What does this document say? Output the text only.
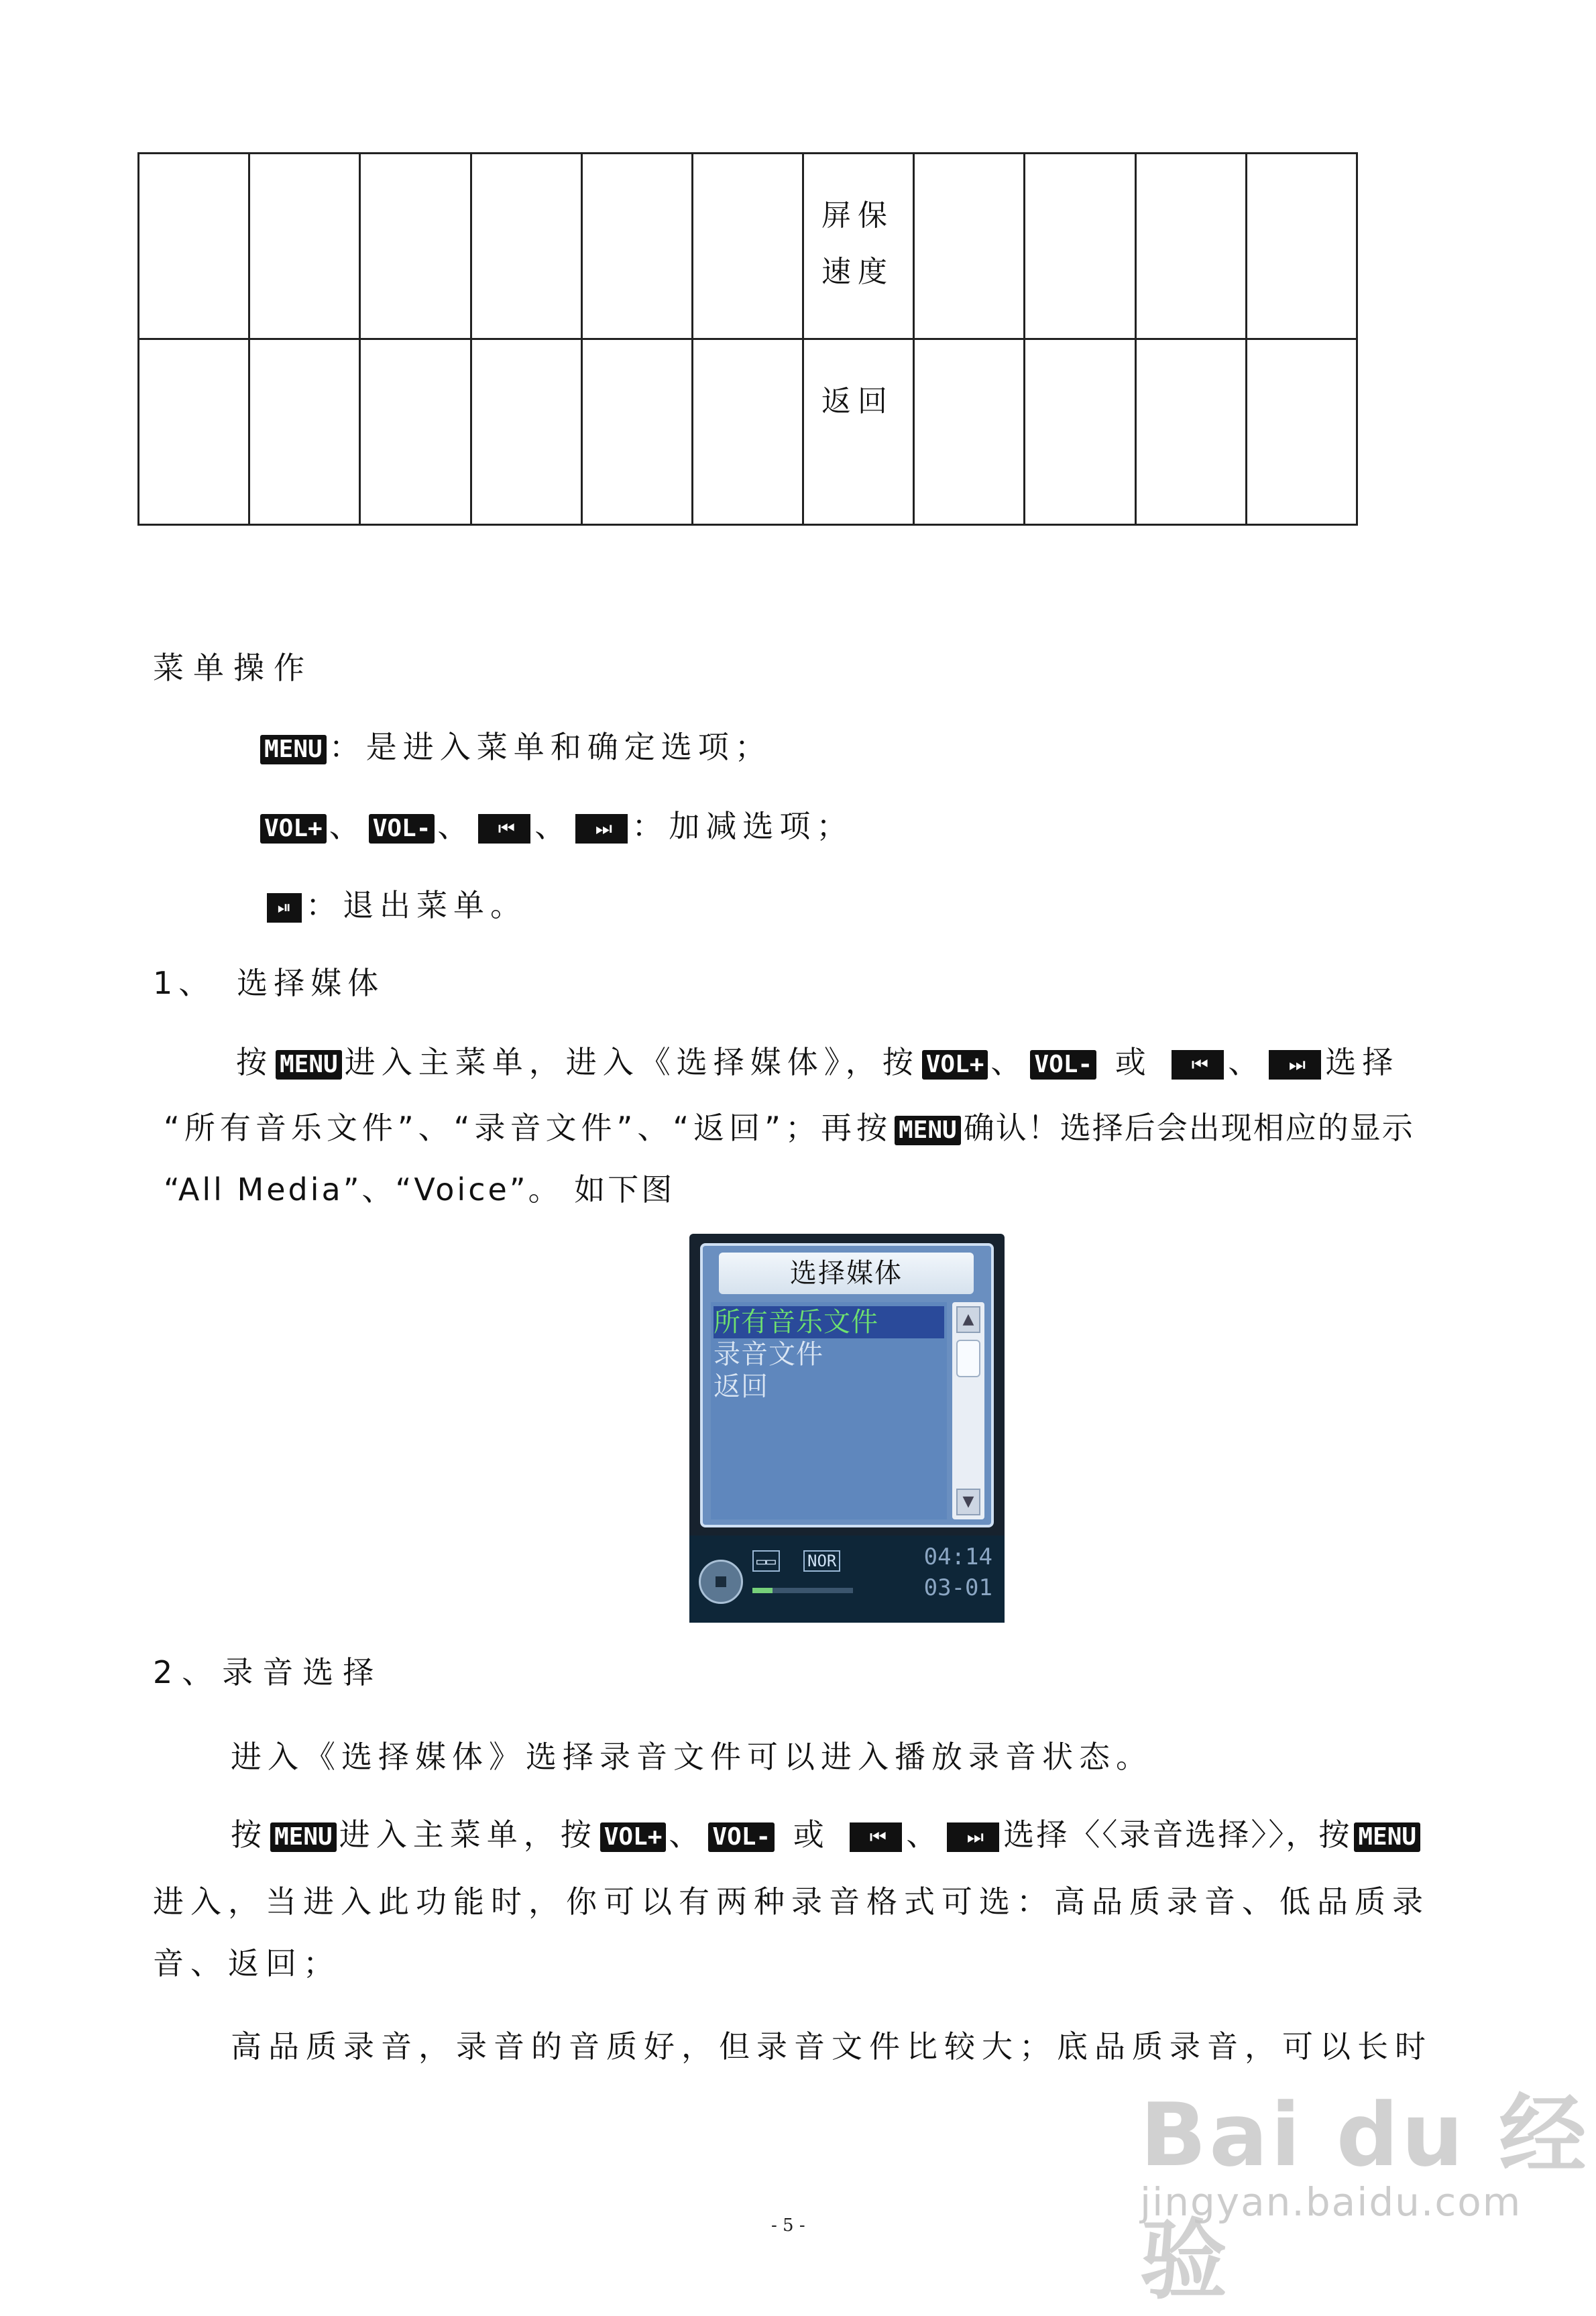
						屏保
速度				

						返回				

菜单操作
MENU ：是进入菜单和确定选项；
VOL+ 、 VOL- 、 ⏮ 、 ⏭ ：加减选项；
⏯ ：退出菜单。
1、　选择媒体
按 MENU 进入主菜单，进入《选择媒体》，按 VOL+ 、 VOL- 或 ⏮ 、 ⏭ 选择
“所有音乐文件”、“录音文件”、“返回”；再按 MENU 确认！选择后会出现相应的显示
“All Media”、“Voice”。 如下图
选择媒体
所有音乐文件
录音文件
返回
▲
▼
▭▭ NOR	04:14
03-01
2、录音选择
进入《选择媒体》选择录音文件可以进入播放录音状态。
按 MENU 进入主菜单，按 VOL+ 、 VOL- 或 ⏮ 、 ⏭ 选择〈〈录音选择〉〉，按 MENU
进入，当进入此功能时，你可以有两种录音格式可选：高品质录音、低品质录
音、返回；
高品质录音，录音的音质好，但录音文件比较大；底品质录音，可以长时
Bai du 经验
jingyan.baidu.com
- 5 -
